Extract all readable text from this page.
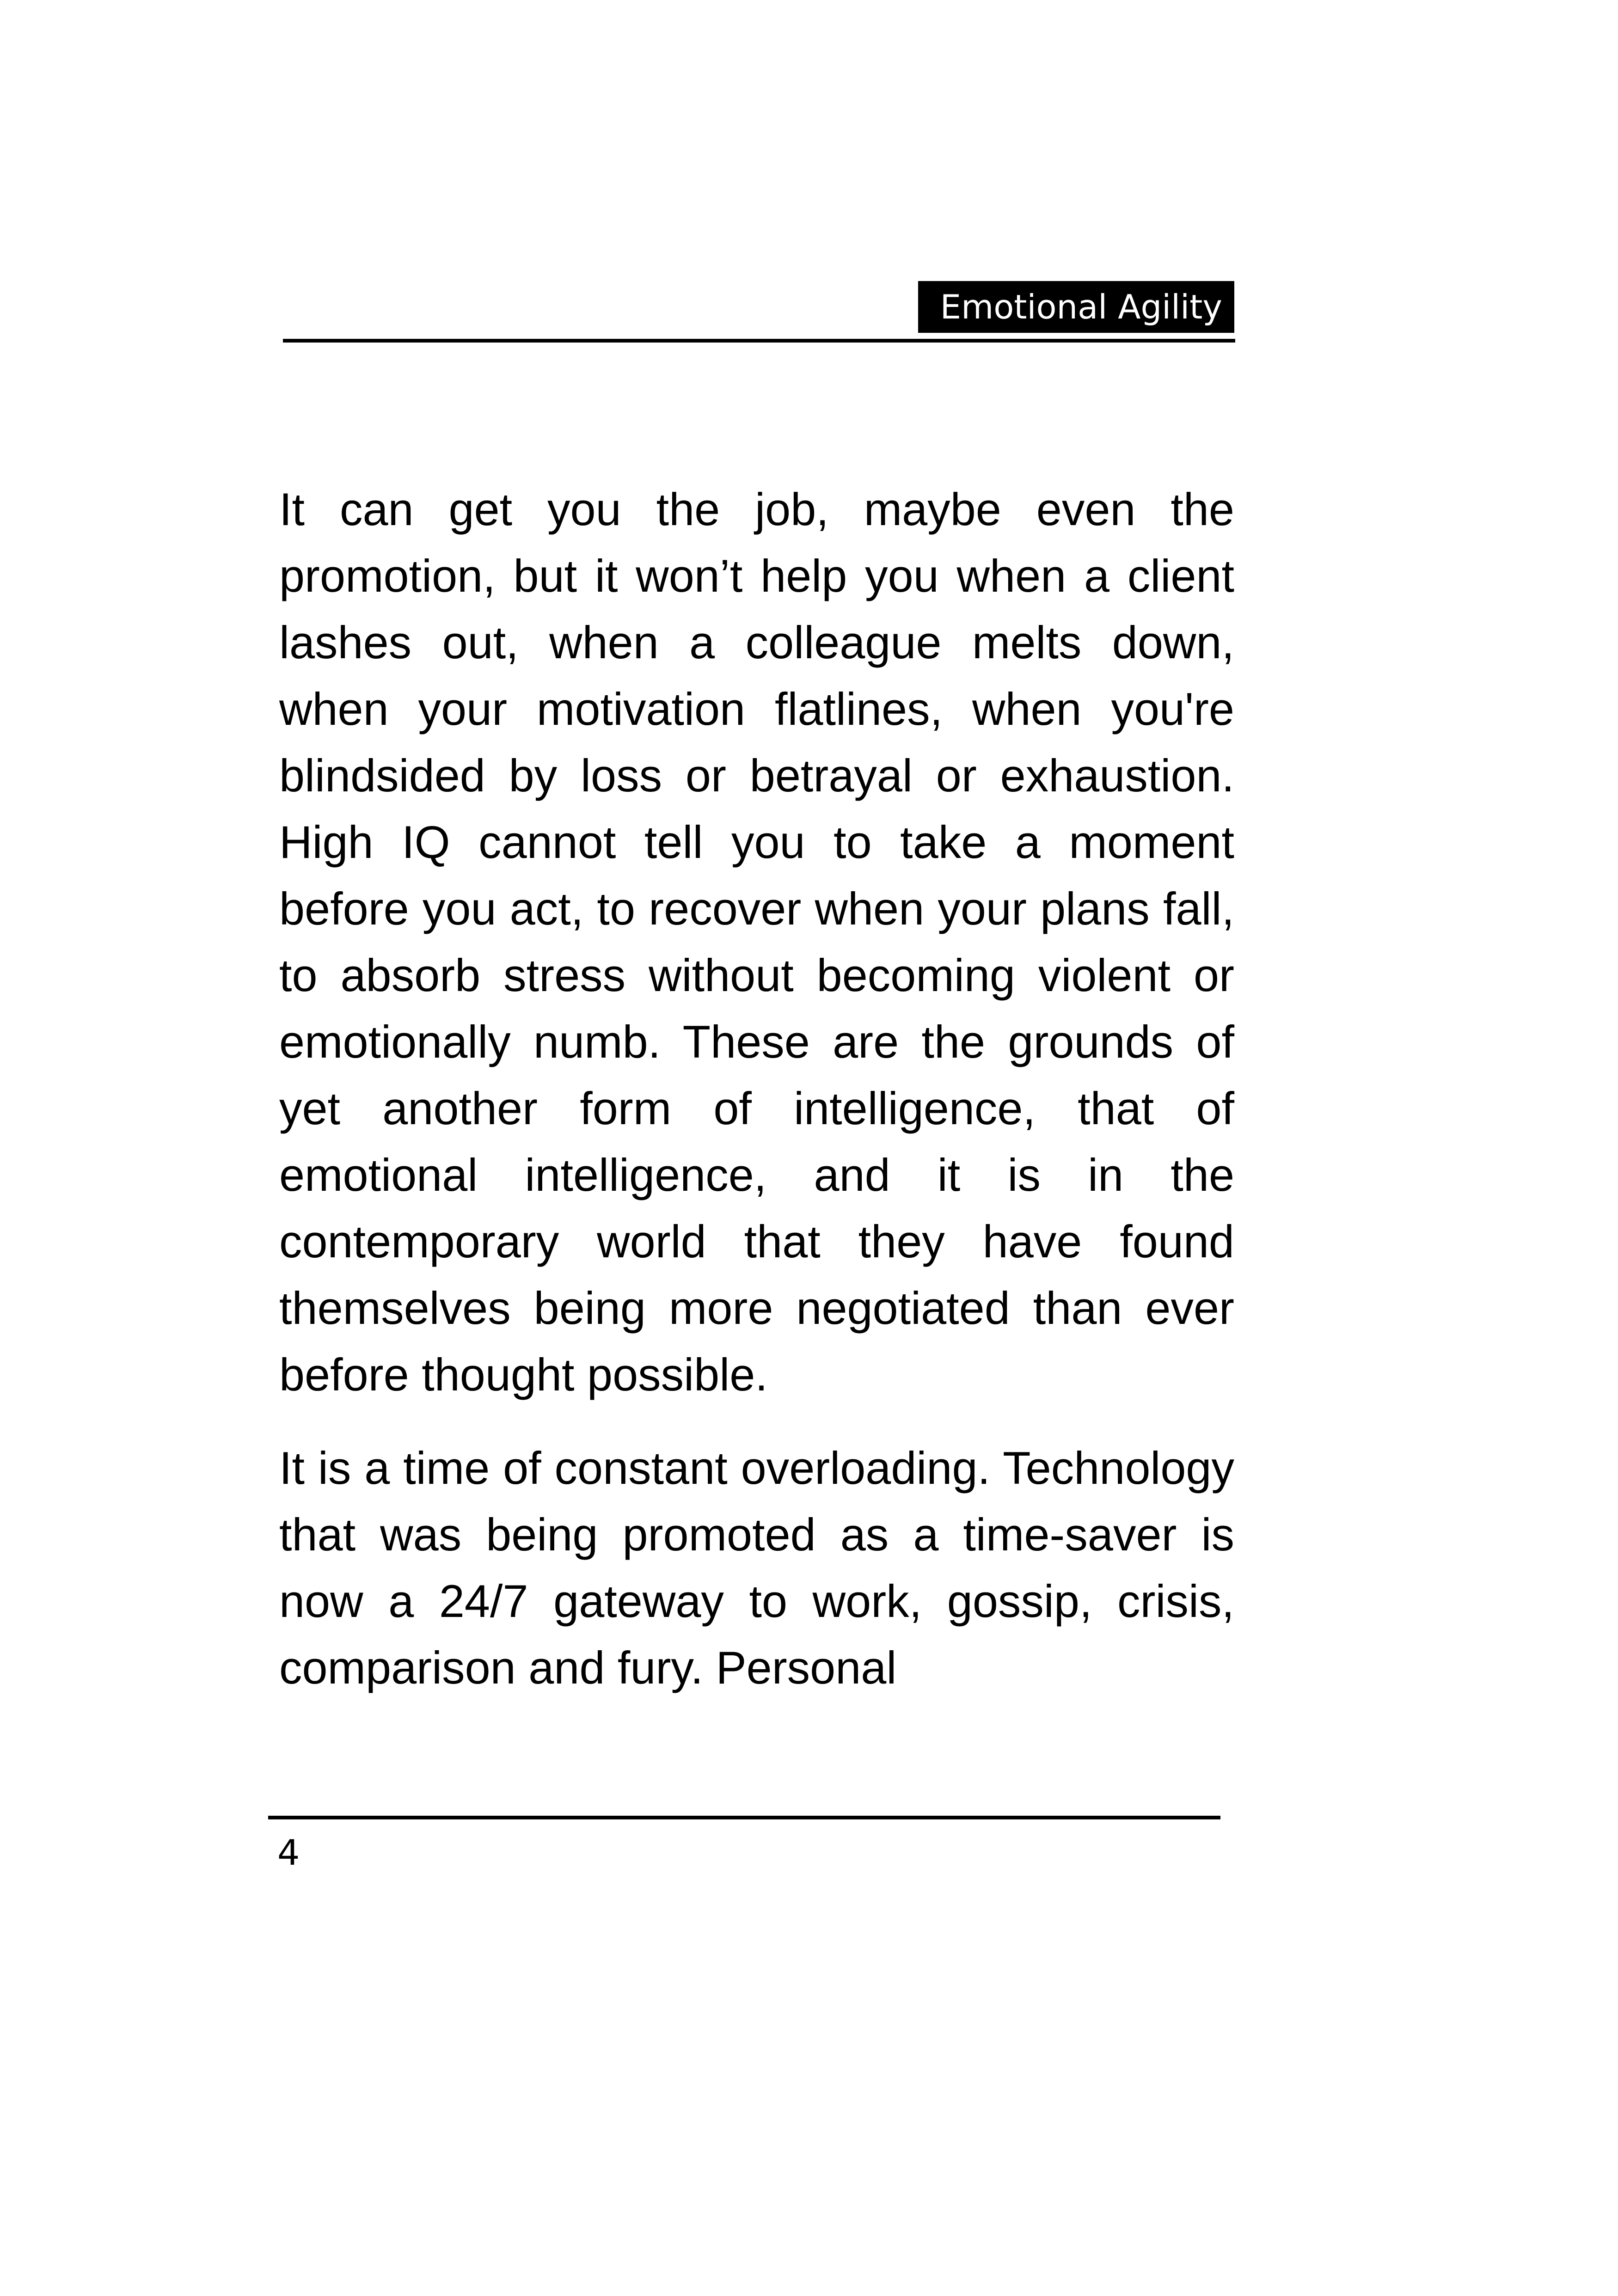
Emotional Agility

It can get you the job, maybe even the promotion, but it won’t help you when a client lashes out, when a colleague melts down, when your motivation flatlines, when you're blindsided by loss or betrayal or exhaustion. High IQ cannot tell you to take a moment before you act, to recover when your plans fall, to absorb stress without becoming violent or emotionally numb. These are the grounds of yet another form of intelligence, that of emotional intelligence, and it is in the contemporary world that they have found themselves being more negotiated than ever before thought possible.

It is a time of constant overloading. Technology that was being promoted as a time-saver is now a 24/7 gateway to work, gossip, crisis, comparison and fury. Personal

4
